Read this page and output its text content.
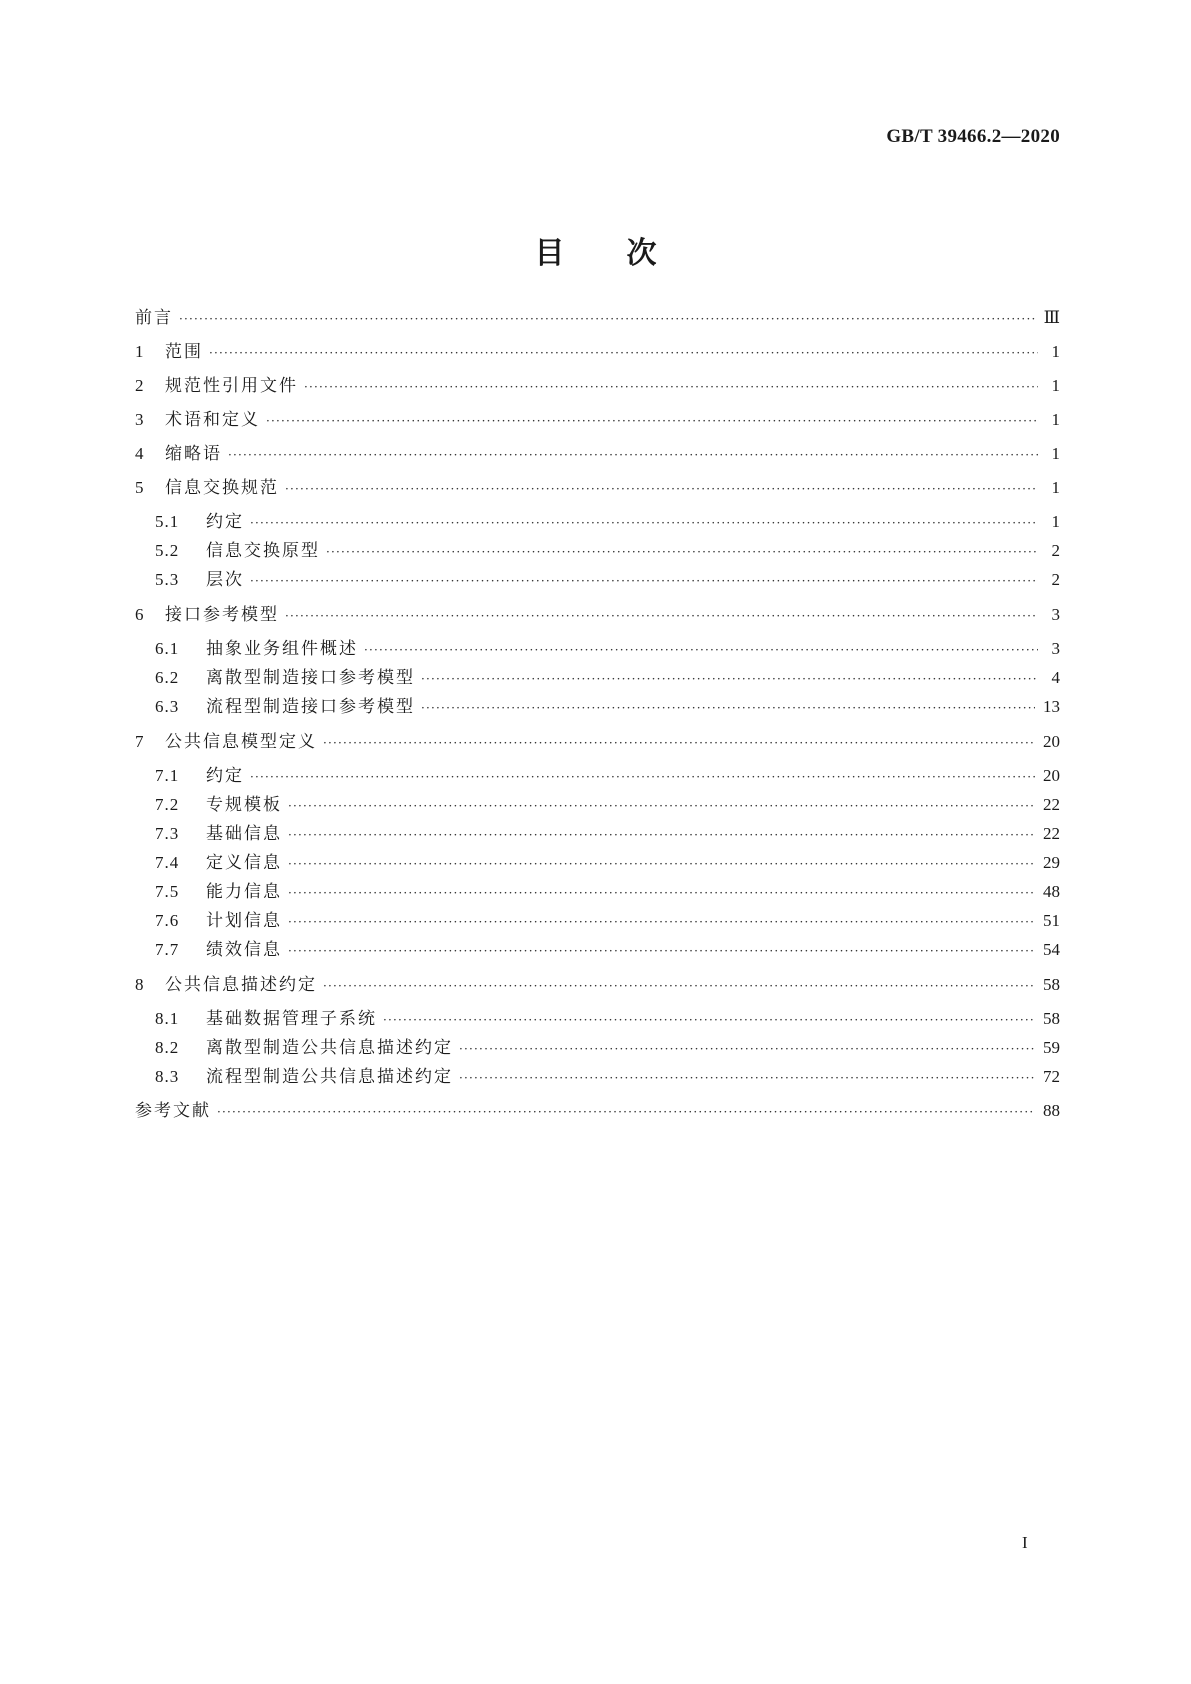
GB/T 39466.2—2020
目次
前言 ·····	Ⅲ
1	范围 ·····	1
2	规范性引用文件 ·····	1
3	术语和定义 ·····	1
4	缩略语 ·····	1
5	信息交换规范 ·····	1
5.1	约定 ·····	1
5.2	信息交换原型 ·····	2
5.3	层次 ·····	2
6	接口参考模型 ·····	3
6.1	抽象业务组件概述 ·····	3
6.2	离散型制造接口参考模型 ·····	4
6.3	流程型制造接口参考模型 ·····	13
7	公共信息模型定义 ·····	20
7.1	约定 ·····	20
7.2	专规模板 ·····	22
7.3	基础信息 ·····	22
7.4	定义信息 ·····	29
7.5	能力信息 ·····	48
7.6	计划信息 ·····	51
7.7	绩效信息 ·····	54
8	公共信息描述约定 ·····	58
8.1	基础数据管理子系统 ·····	58
8.2	离散型制造公共信息描述约定 ·····	59
8.3	流程型制造公共信息描述约定 ·····	72
参考文献 ·····	88
I
